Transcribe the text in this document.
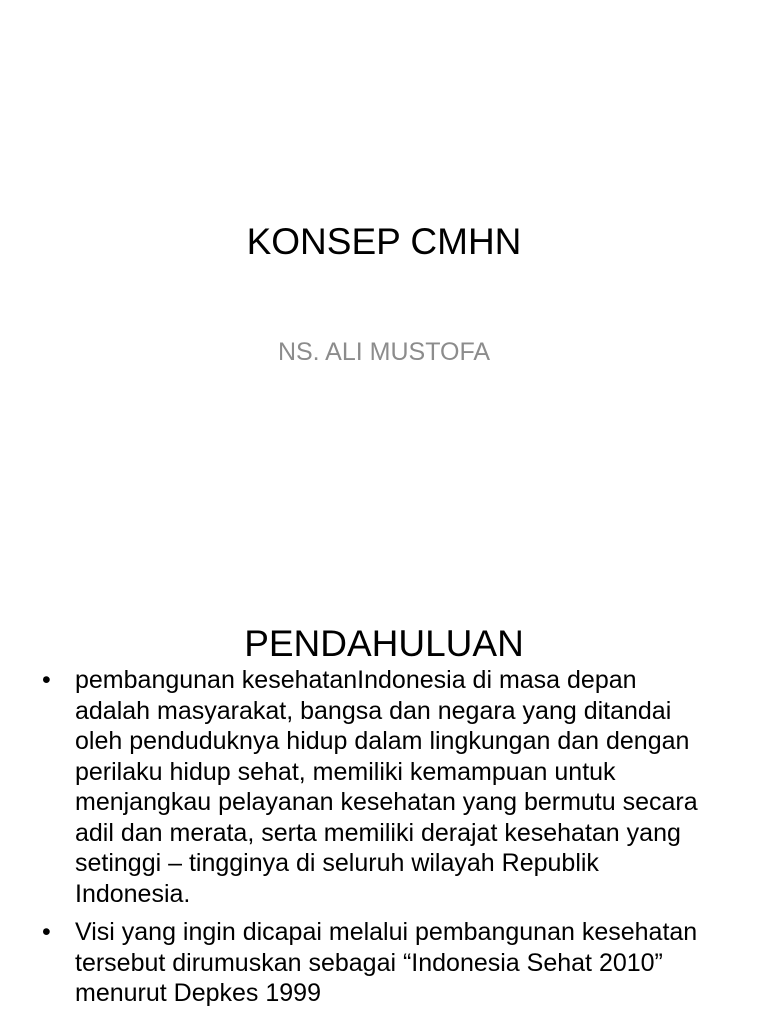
KONSEP CMHN
NS. ALI MUSTOFA
PENDAHULUAN
• pembangunan kesehatanIndonesia di masa depan adalah masyarakat, bangsa dan negara yang ditandai oleh penduduknya hidup dalam lingkungan dan dengan perilaku hidup sehat, memiliki kemampuan untuk menjangkau pelayanan kesehatan yang bermutu secara adil dan merata, serta memiliki derajat kesehatan yang setinggi – tingginya di seluruh wilayah Republik Indonesia.
• Visi yang ingin dicapai melalui pembangunan kesehatan tersebut dirumuskan sebagai “Indonesia Sehat 2010” menurut Depkes 1999
